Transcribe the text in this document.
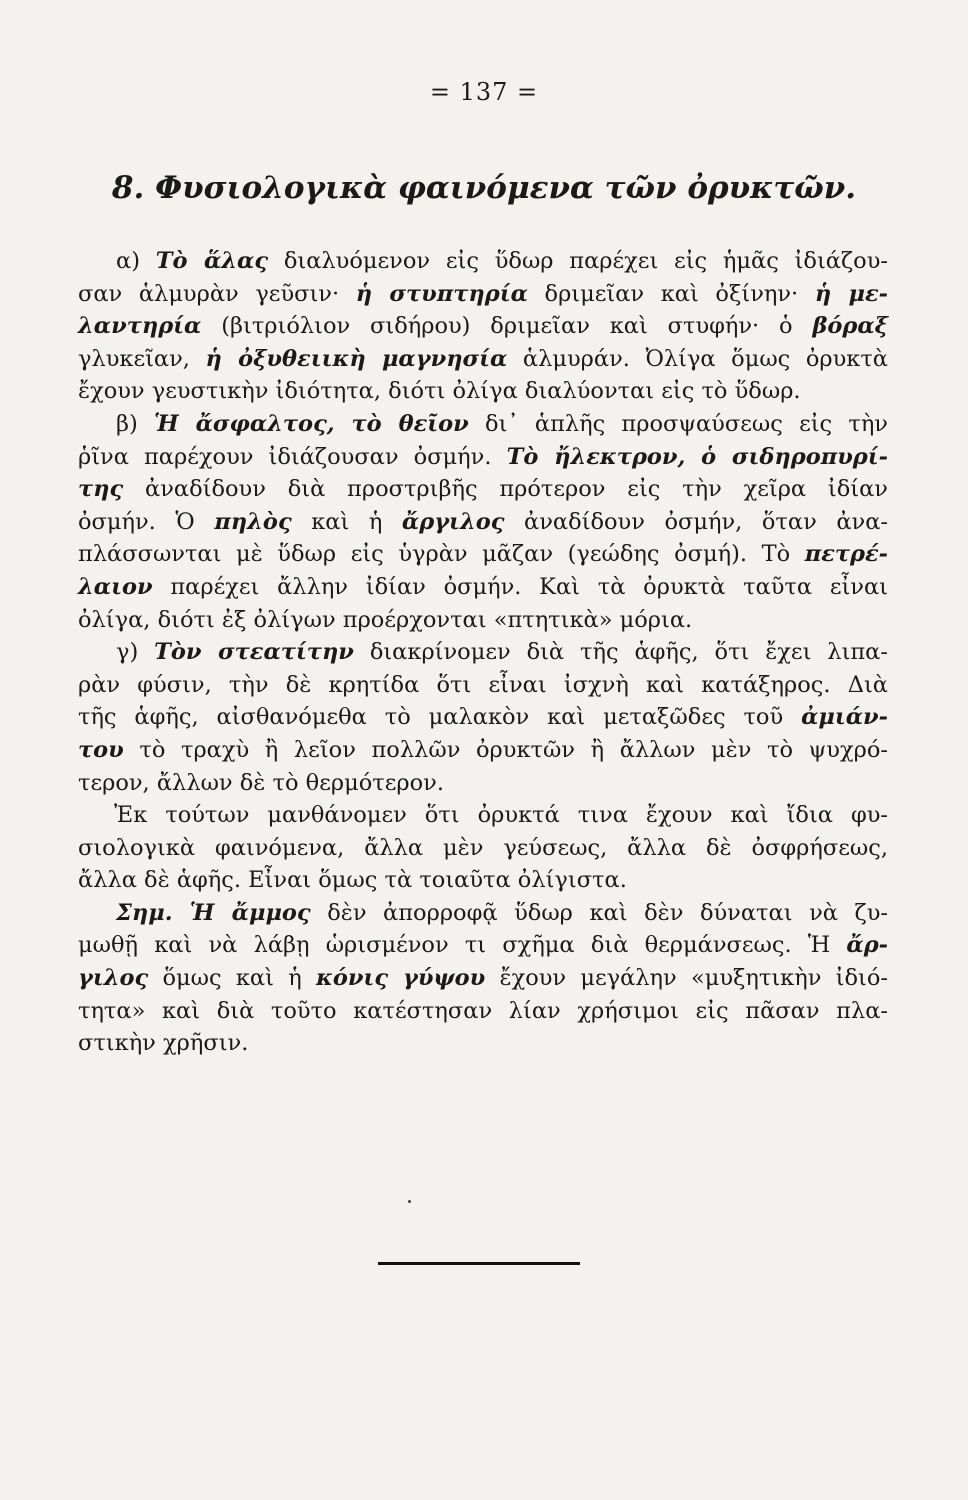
= 137 =
8. Φυσιολογικὰ φαινόμενα τῶν ὀρυκτῶν.
α) Τὸ ἅλας διαλυόμενον εἰς ὕδωρ παρέχει εἰς ἡμᾶς ἰδιάζου-
σαν ἁλμυρὰν γεῦσιν· ἡ στυπτηρία δριμεῖαν καὶ ὀξίνην· ἡ με-
λαντηρία (βιτριόλιον σιδήρου) δριμεῖαν καὶ στυφήν· ὁ βόραξ
γλυκεῖαν, ἡ ὀξυθειικὴ μαγνησία ἁλμυράν. Ὀλίγα ὅμως ὀρυκτὰ
ἔχουν γευστικὴν ἰδιότητα, διότι ὀλίγα διαλύονται εἰς τὸ ὕδωρ.
β) Ἡ ἄσφαλτος, τὸ θεῖον δι᾽ ἁπλῆς προσψαύσεως εἰς τὴν
ῥῖνα παρέχουν ἰδιάζουσαν ὀσμήν. Τὸ ἤλεκτρον, ὁ σιδηροπυρί-
της ἀναδίδουν διὰ προστριβῆς πρότερον εἰς τὴν χεῖρα ἰδίαν
ὀσμήν. Ὁ πηλὸς καὶ ἡ ἄργιλος ἀναδίδουν ὀσμήν, ὅταν ἀνα-
πλάσσωνται μὲ ὕδωρ εἰς ὑγρὰν μᾶζαν (γεώδης ὀσμή). Τὸ πετρέ-
λαιον παρέχει ἄλλην ἰδίαν ὀσμήν. Καὶ τὰ ὀρυκτὰ ταῦτα εἶναι
ὀλίγα, διότι ἐξ ὀλίγων προέρχονται «πτητικὰ» μόρια.
γ) Τὸν στεατίτην διακρίνομεν διὰ τῆς ἁφῆς, ὅτι ἔχει λιπα-
ρὰν φύσιν, τὴν δὲ κρητίδα ὅτι εἶναι ἰσχνὴ καὶ κατάξηρος. Διὰ
τῆς ἁφῆς, αἰσθανόμεθα τὸ μαλακὸν καὶ μεταξῶδες τοῦ ἀμιάν-
του τὸ τραχὺ ἢ λεῖον πολλῶν ὀρυκτῶν ἢ ἄλλων μὲν τὸ ψυχρό-
τερον, ἄλλων δὲ τὸ θερμότερον.
Ἐκ τούτων μανθάνομεν ὅτι ὀρυκτά τινα ἔχουν καὶ ἴδια φυ-
σιολογικὰ φαινόμενα, ἄλλα μὲν γεύσεως, ἄλλα δὲ ὀσφρήσεως,
ἄλλα δὲ ἁφῆς. Εἶναι ὅμως τὰ τοιαῦτα ὀλίγιστα.
Σημ. Ἡ ἄμμος δὲν ἀπορροφᾷ ὕδωρ καὶ δὲν δύναται νὰ ζυ-
μωθῇ καὶ νὰ λάβῃ ὡρισμένον τι σχῆμα διὰ θερμάνσεως. Ἡ ἄρ-
γιλος ὅμως καὶ ἡ κόνις γύψου ἔχουν μεγάλην «μυξητικὴν ἰδιό-
τητα» καὶ διὰ τοῦτο κατέστησαν λίαν χρήσιμοι εἰς πᾶσαν πλα-
στικὴν χρῆσιν.
